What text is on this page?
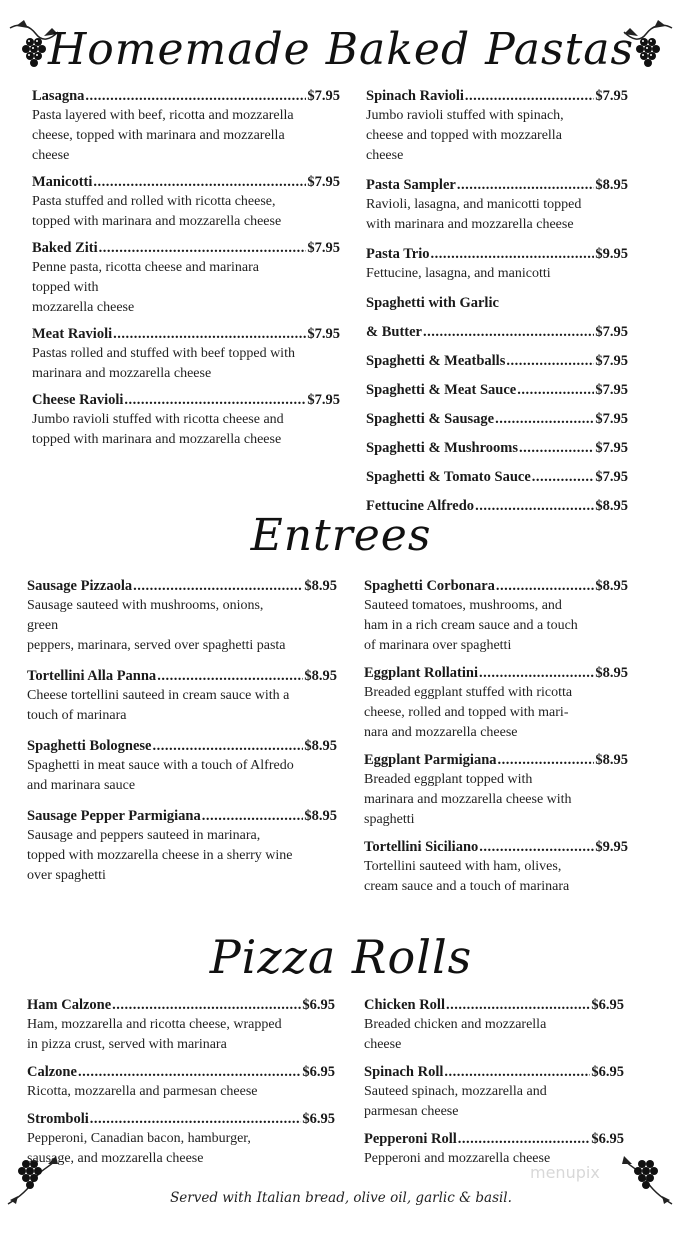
Homemade Baked Pastas
Lasagna .....	$7.95
Pasta layered with beef, ricotta and mozzarella
cheese, topped with marinara and mozzarella
cheese
Manicotti .....	$7.95
Pasta stuffed and rolled with ricotta cheese,
topped with marinara and mozzarella cheese
Baked Ziti .....	$7.95
Penne pasta, ricotta cheese and marinara
topped with
mozzarella cheese
Meat Ravioli .....	$7.95
Pastas rolled and stuffed with beef topped with
marinara and mozzarella cheese
Cheese Ravioli .....	$7.95
Jumbo ravioli stuffed with ricotta cheese and
topped with marinara and mozzarella cheese
Spinach Ravioli .....	$7.95
Jumbo ravioli stuffed with spinach,
cheese and topped with mozzarella
cheese
Pasta Sampler .....	$8.95
Ravioli, lasagna, and manicotti topped
with marinara and mozzarella cheese
Pasta Trio .....	$9.95
Fettucine, lasagna, and manicotti
Spaghetti with Garlic
& Butter .....	$7.95
Spaghetti & Meatballs .....	$7.95
Spaghetti & Meat Sauce .....	$7.95
Spaghetti & Sausage .....	$7.95
Spaghetti & Mushrooms .....	$7.95
Spaghetti & Tomato Sauce .....	$7.95
Fettucine Alfredo .....	$8.95
Entrees
Sausage Pizzaola .....	$8.95
Sausage sauteed with mushrooms, onions,
green
peppers, marinara, served over spaghetti pasta
Tortellini Alla Panna .....	$8.95
Cheese tortellini sauteed in cream sauce with a
touch of marinara
Spaghetti Bolognese .....	$8.95
Spaghetti in meat sauce with a touch of Alfredo
and marinara sauce
Sausage Pepper Parmigiana .....	$8.95
Sausage and peppers sauteed in marinara,
topped with mozzarella cheese in a sherry wine
over spaghetti
Spaghetti Corbonara .....	$8.95
Sauteed tomatoes, mushrooms, and
ham in a rich cream sauce and a touch
of marinara over spaghetti
Eggplant Rollatini .....	$8.95
Breaded eggplant stuffed with ricotta
cheese, rolled and topped with mari-
nara and mozzarella cheese
Eggplant Parmigiana .....	$8.95
Breaded eggplant topped with
marinara and mozzarella cheese with
spaghetti
Tortellini Siciliano .....	$9.95
Tortellini sauteed with ham, olives,
cream sauce and a touch of marinara
Pizza Rolls
Ham Calzone .....	$6.95
Ham, mozzarella and ricotta cheese, wrapped
in pizza crust, served with marinara
Calzone .....	$6.95
Ricotta, mozzarella and parmesan cheese
Stromboli .....	$6.95
Pepperoni, Canadian bacon, hamburger,
sausage, and mozzarella cheese
Chicken Roll .....	$6.95
Breaded chicken and mozzarella
cheese
Spinach Roll .....	$6.95
Sauteed spinach, mozzarella and
parmesan cheese
Pepperoni Roll .....	$6.95
Pepperoni and mozzarella cheese
menupix
Served with Italian bread, olive oil, garlic & basil.
